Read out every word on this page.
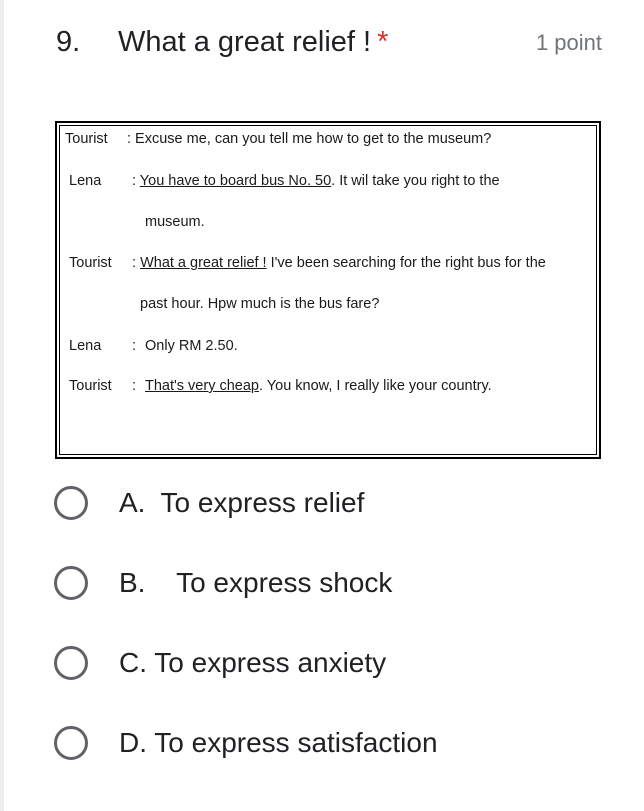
9. What a great relief ! *	1 point
Tourist : Excuse me, can you tell me how to get to the museum?
Lena : You have to board bus No. 50. It wil take you right to the
museum.
Tourist : What a great relief ! I've been searching for the right bus for the
past hour. Hpw much is the bus fare?
Lena : Only RM 2.50.
Tourist : That's very cheap. You know, I really like your country.
A.  To express relief
B.    To express shock
C. To express anxiety
D. To express satisfaction
